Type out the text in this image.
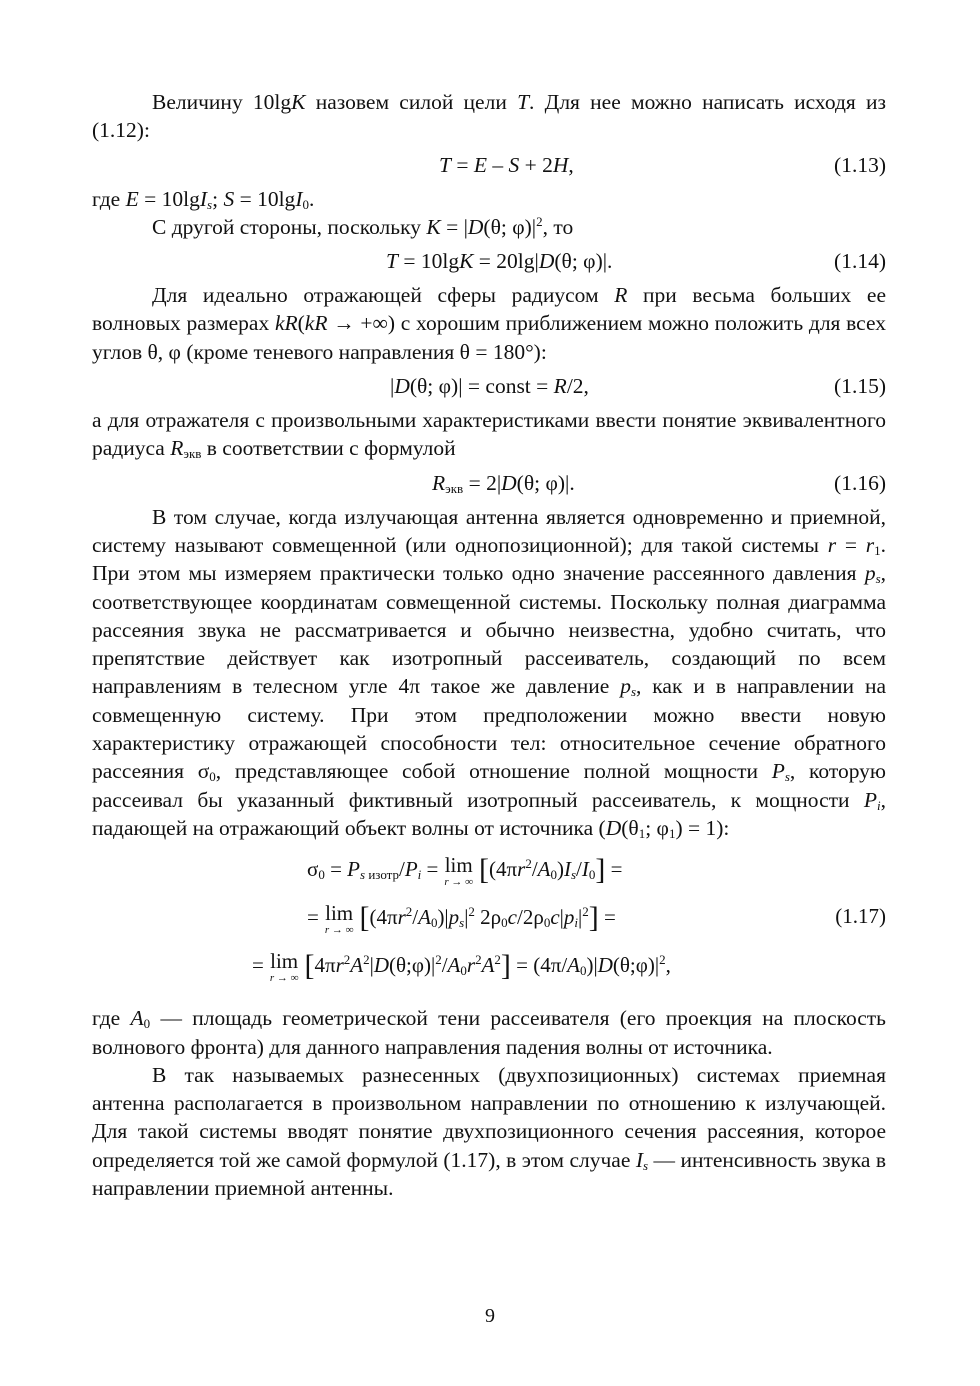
Величину 10lgK назовем силой цели T. Для нее можно написать исходя из (1.12):

T = E – S + 2H,	(1.13)

где E = 10lgI$_s$; S = 10lgI$_0$.

С другой стороны, поскольку K = |D(θ; $\varphi)|^2$, то

T = 10lgK = 20lg|D(θ; φ)|.	(1.14)

Для идеально отражающей сферы радиусом R при весьма больших ее волновых размерах kR(kR → +∞) с хорошим приближением можно положить для всех углов θ, φ (кроме теневого направления θ = 180°):

|D(θ; φ)| = const = R/2,	(1.15)

а для отражателя с произвольными характеристиками ввести понятие эквивалентного радиуса $R_{экв}$ в соответствии с формулой

$R_{экв} = 2|D(\theta$; φ)|.	(1.16)

В том случае, когда излучающая антенна является одновременно и приемной, систему называют совмещенной (или однопозиционной); для такой системы $r = r_1$. При этом мы измеряем практически только одно значение рассеянного давления $p_s$, соответствующее координатам совмещенной системы. Поскольку полная диаграмма рассеяния звука не рассматривается и обычно неизвестна, удобно считать, что препятствие действует как изотропный рассеиватель, создающий по всем направлениям в телесном угле 4π такое же давление $p_s$, как и в направлении на совмещенную систему. При этом предположении можно ввести новую характеристику отражающей способности тел: относительное сечение обратного рассеяния $\sigma_0$, представляющее собой отношение полной мощности $P_s$, которую рассеивал бы указанный фиктивный изотропный рассеиватель, к мощности $P_i$, падающей на отражающий объект волны от источника ($D(\theta_1$; $\varphi_1) = 1$):

$\sigma_0 = P_{s изотр}/P_i = \lim$
r → ∞ $[(4\pi r^2/A_0)I_s/I_0]$ =
= lim
r → ∞ [$(4\pi r^2/A_0)|p_s|^2$ $2\rho_0c/2\rho_0c|p_i|^2$] =
= lim
r → ∞ $[4\pi r^2A^2|D(\theta;\varphi)|^2/A_0r^2A^2]$ = $(4\pi/A_0)|D(\theta;\varphi)|^2$,
(1.17)

где $A_0$ — площадь геометрической тени рассеивателя (его проекция на плоскость волнового фронта) для данного направления падения волны от источника.

В так называемых разнесенных (двухпозиционных) системах приемная антенна располагается в произвольном направлении по отношению к излучающей. Для такой системы вводят понятие двухпозиционного сечения рассеяния, которое определяется той же самой формулой (1.17), в этом случае $I_s$ — интенсивность звука в направлении приемной антенны.

9
